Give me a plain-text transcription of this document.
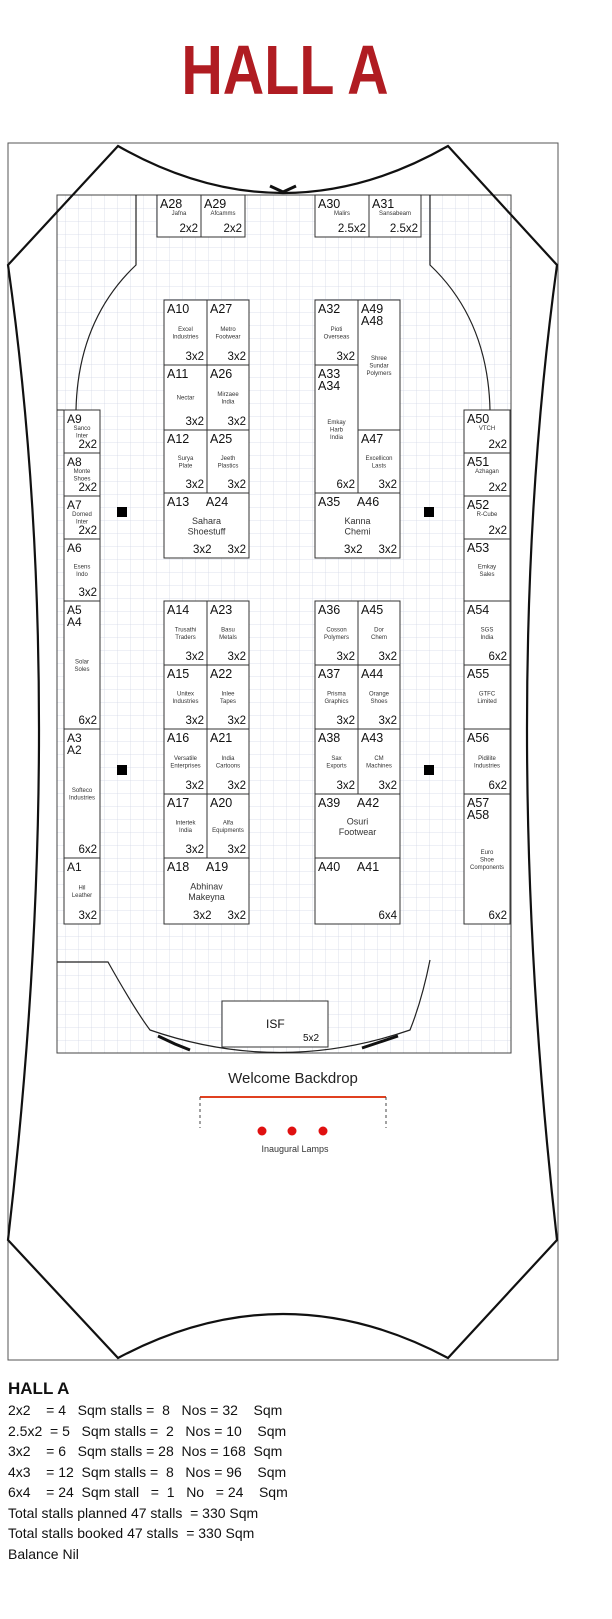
HALL A
A28
Jafna
2x2
A29
Afcamms
2x2
A30
Malirs
2.5x2
A31
Sansabeam
2.5x2
A10
Excel
Industries
3x2
A27
Metro
Footwear
3x2
A11
Nectar
3x2
A26
Mirzaee
India
3x2
A12
Surya
Plate
3x2
A25
Jeeth
Plastics
3x2
A13     A24
Sahara
Shoestuff
3x2     3x2
A14
Trusathi
Traders
3x2
A23
Basu
Metals
3x2
A15
Unitex
Industries
3x2
A22
Inlee
Tapes
3x2
A16
Versatile
Enterprises
3x2
A21
India
Cartoons
3x2
A17
Intertek
India
3x2
A20
Alfa
Equipments
3x2
A18     A19
Abhinav
Makeyna
3x2     3x2
A32
Pioti
Overseas
3x2
A49
A48
Shree
Sundar
Polymers
A33
A34
Emkay
Harb
India
6x2
A47
Excellicon
Lasts
3x2
A35     A46
Kanna
Chemi
3x2     3x2
A36
Cosson
Polymers
3x2
A45
Dor
Chem
3x2
A37
Prisma
Graphics
3x2
A44
Orange
Shoes
3x2
A38
Sax
Exports
3x2
A43
CM
Machines
3x2
A39     A42
Osuri
Footwear
A40     A41
6x4
A9
Sanco
Inter
2x2
A8
Monte
Shoes
2x2
A7
Dorned
Inter
2x2
A6
Esens
Indo
3x2
A5
A4
Solar
Soles
6x2
A3
A2
Softeco
Industries
6x2
A1
Hil
Leather
3x2
A50
VTCH
2x2
A51
Azhagan
2x2
A52
R-Cube
2x2
A53
Emkay
Sales
A54
SGS
India
6x2
A55
GTFC
Limited
A56
Pidilite
Industries
6x2
A57
A58
Euro
Shoe
Components
6x2
ISF
5x2
Welcome Backdrop
Inaugural Lamps
HALL A
2x2    = 4   Sqm stalls =  8   Nos = 32    Sqm
2.5x2  = 5   Sqm stalls =  2   Nos = 10    Sqm
3x2    = 6   Sqm stalls = 28  Nos = 168  Sqm
4x3    = 12  Sqm stalls =  8   Nos = 96    Sqm
6x4    = 24  Sqm stall   =  1   No   = 24    Sqm
Total stalls planned 47 stalls  = 330 Sqm
Total stalls booked 47 stalls  = 330 Sqm
Balance Nil
